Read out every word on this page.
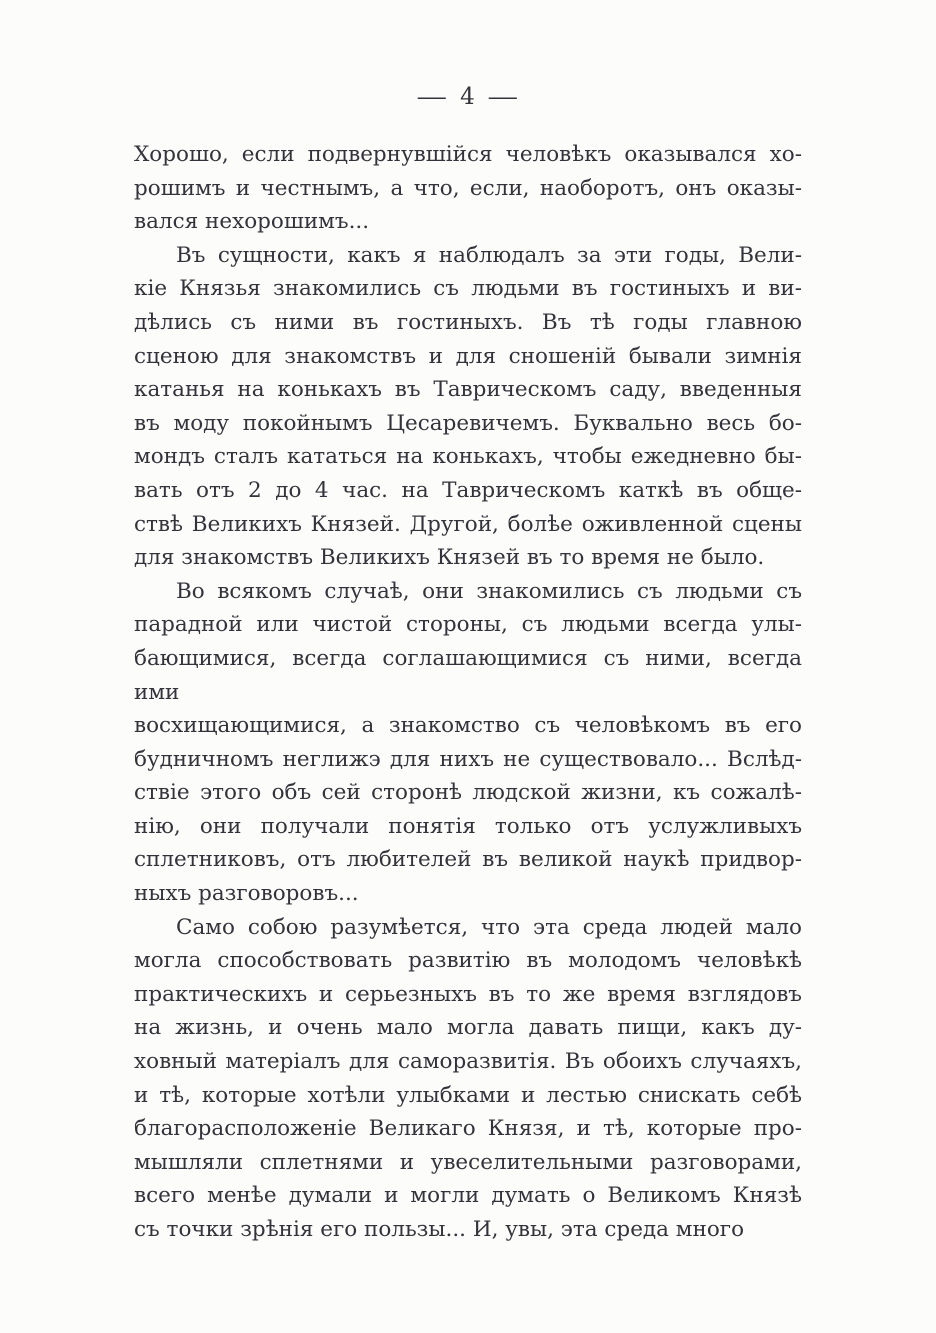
— 4 —
Хорошо, если подвернувшійся человѣкъ оказывался хо-
рошимъ и честнымъ, а что, если, наоборотъ, онъ оказы-
вался нехорошимъ...
Въ сущности, какъ я наблюдалъ за эти годы, Вели-
кіе Князья знакомились съ людьми въ гостиныхъ и ви-
дѣлись съ ними въ гостиныхъ. Въ тѣ годы главною
сценою для знакомствъ и для сношеній бывали зимнія
катанья на конькахъ въ Таврическомъ саду, введенныя
въ моду покойнымъ Цесаревичемъ. Буквально весь бо-
мондъ сталъ кататься на конькахъ, чтобы ежедневно бы-
вать отъ 2 до 4 час. на Таврическомъ каткѣ въ обще-
ствѣ Великихъ Князей. Другой, болѣе оживленной сцены
для знакомствъ Великихъ Князей въ то время не было.
Во всякомъ случаѣ, они знакомились съ людьми съ
парадной или чистой стороны, съ людьми всегда улы-
бающимися, всегда соглашающимися съ ними, всегда ими
восхищающимися, а знакомство съ человѣкомъ въ его
будничномъ неглижэ для нихъ не существовало... Вслѣд-
ствіе этого объ сей сторонѣ людской жизни, къ сожалѣ-
нію, они получали понятія только отъ услужливыхъ
сплетниковъ, отъ любителей въ великой наукѣ придвор-
ныхъ разговоровъ...
Само собою разумѣется, что эта среда людей мало
могла способствовать развитію въ молодомъ человѣкѣ
практическихъ и серьезныхъ въ то же время взглядовъ
на жизнь, и очень мало могла давать пищи, какъ ду-
ховный матеріалъ для саморазвитія. Въ обоихъ случаяхъ,
и тѣ, которые хотѣли улыбками и лестью снискать себѣ
благорасположеніе Великаго Князя, и тѣ, которые про-
мышляли сплетнями и увеселительными разговорами,
всего менѣе думали и могли думать о Великомъ Князѣ
съ точки зрѣнія его пользы... И, увы, эта среда много
